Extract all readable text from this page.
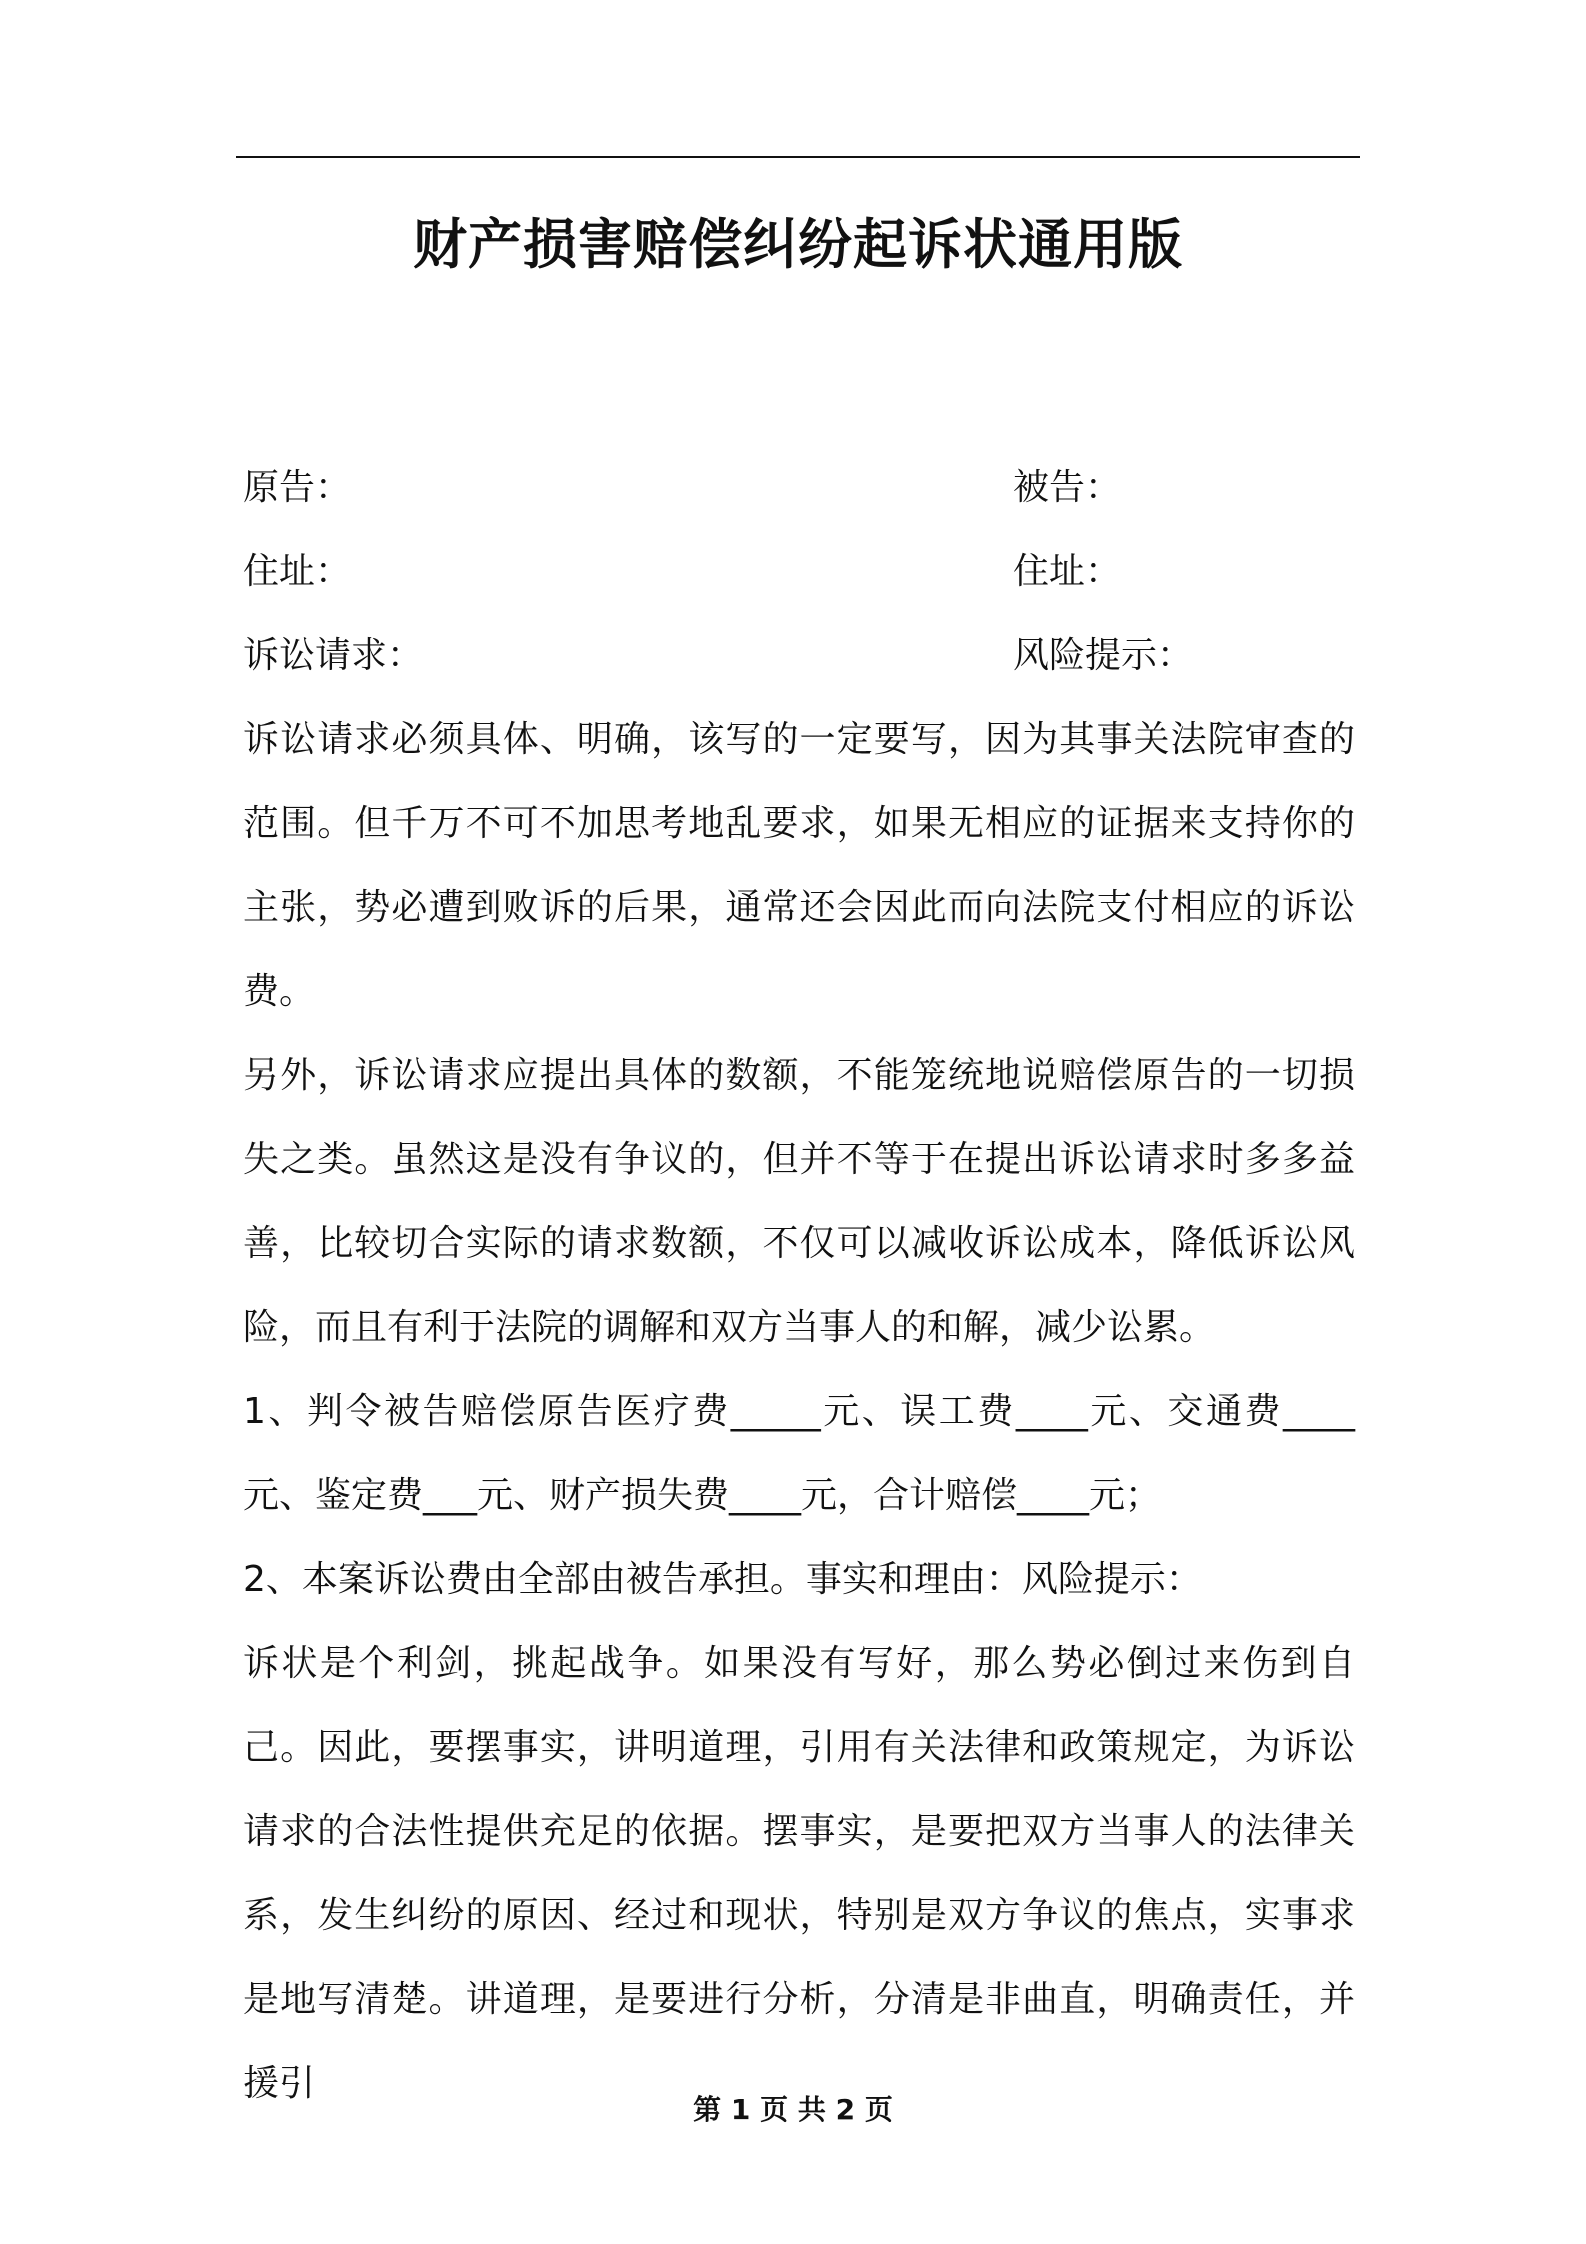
财产损害赔偿纠纷起诉状通用版
原告：	被告：
住址：	住址：
诉讼请求：	风险提示：

诉讼请求必须具体、明确，该写的一定要写，因为其事关法院审查的范围。但千万不可不加思考地乱要求，如果无相应的证据来支持你的主张，势必遭到败诉的后果，通常还会因此而向法院支付相应的诉讼费。

另外，诉讼请求应提出具体的数额，不能笼统地说赔偿原告的一切损失之类。虽然这是没有争议的，但并不等于在提出诉讼请求时多多益善，比较切合实际的请求数额，不仅可以减收诉讼成本，降低诉讼风险，而且有利于法院的调解和双方当事人的和解，减少讼累。

1、判令被告赔偿原告医疗费_____元、误工费____元、交通费____元、鉴定费___元、财产损失费____元，合计赔偿____元；

2、本案诉讼费由全部由被告承担。事实和理由：风险提示：

诉状是个利剑，挑起战争。如果没有写好，那么势必倒过来伤到自己。因此，要摆事实，讲明道理，引用有关法律和政策规定，为诉讼请求的合法性提供充足的依据。摆事实，是要把双方当事人的法律关系，发生纠纷的原因、经过和现状，特别是双方争议的焦点，实事求是地写清楚。讲道理，是要进行分析，分清是非曲直，明确责任，并援引

第 1 页 共 2 页
